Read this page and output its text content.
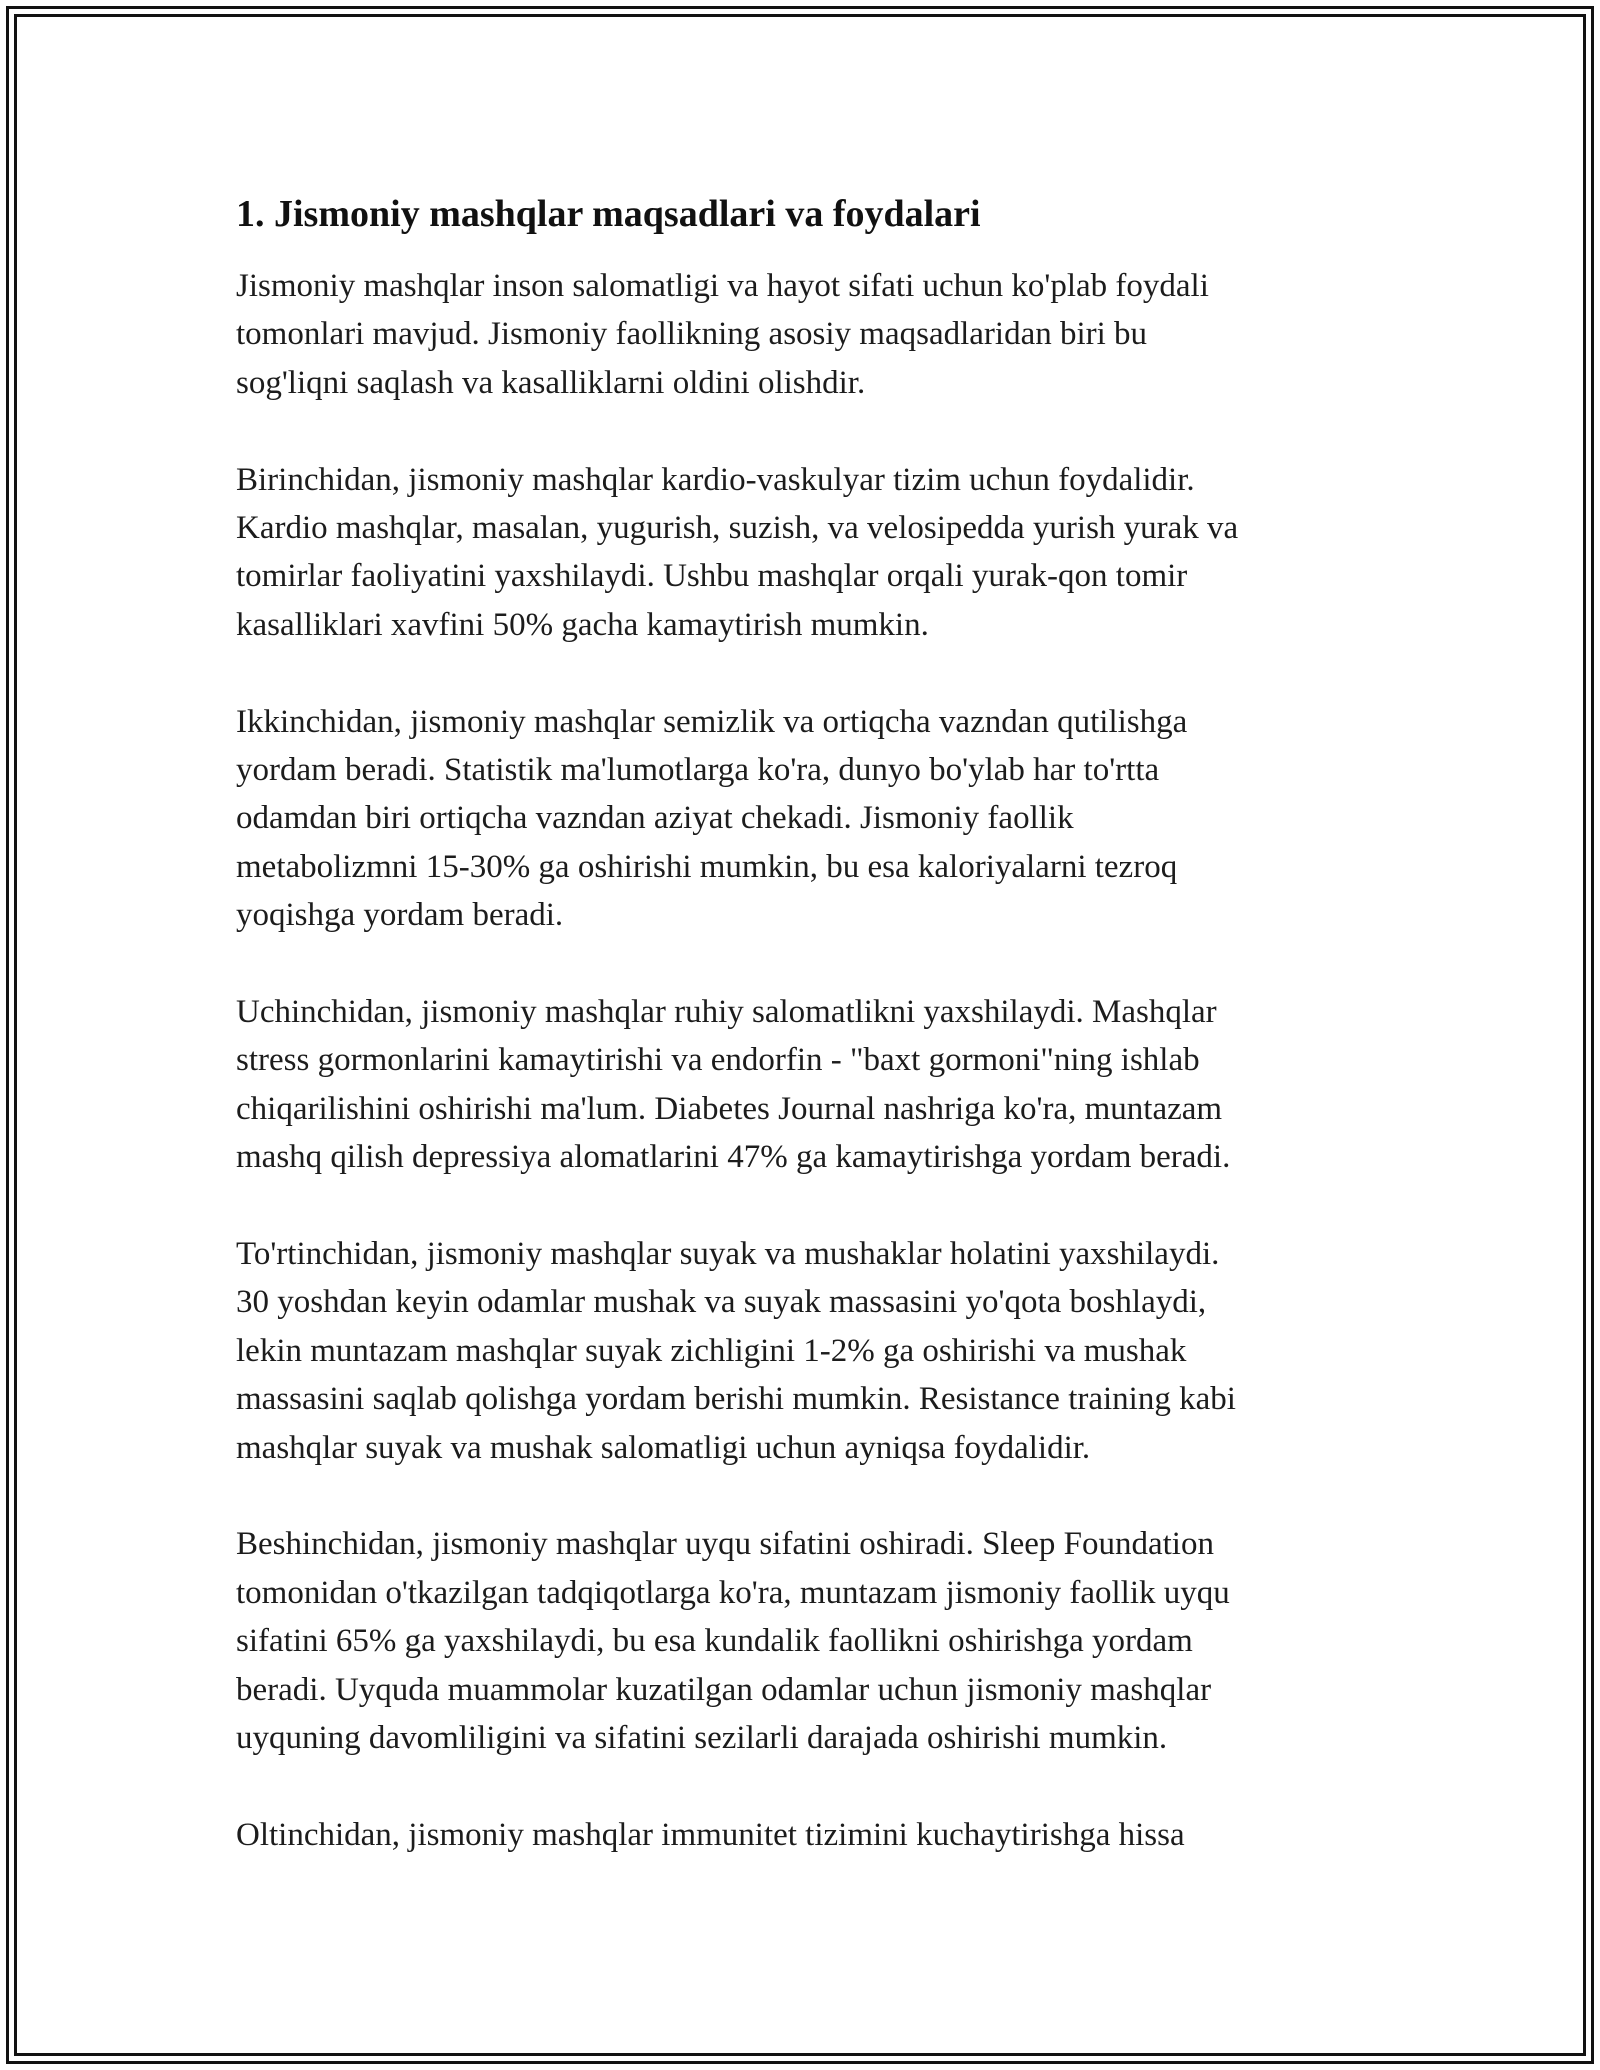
1. Jismoniy mashqlar maqsadlari va foydalari

Jismoniy mashqlar inson salomatligi va hayot sifati uchun ko'plab foydali
tomonlari mavjud. Jismoniy faollikning asosiy maqsadlaridan biri bu
sog'liqni saqlash va kasalliklarni oldini olishdir.

Birinchidan, jismoniy mashqlar kardio-vaskulyar tizim uchun foydalidir.
Kardio mashqlar, masalan, yugurish, suzish, va velosipedda yurish yurak va
tomirlar faoliyatini yaxshilaydi. Ushbu mashqlar orqali yurak-qon tomir
kasalliklari xavfini 50% gacha kamaytirish mumkin.

Ikkinchidan, jismoniy mashqlar semizlik va ortiqcha vazndan qutilishga
yordam beradi. Statistik ma'lumotlarga ko'ra, dunyo bo'ylab har to'rtta
odamdan biri ortiqcha vazndan aziyat chekadi. Jismoniy faollik
metabolizmni 15-30% ga oshirishi mumkin, bu esa kaloriyalarni tezroq
yoqishga yordam beradi.

Uchinchidan, jismoniy mashqlar ruhiy salomatlikni yaxshilaydi. Mashqlar
stress gormonlarini kamaytirishi va endorfin - "baxt gormoni"ning ishlab
chiqarilishini oshirishi ma'lum. Diabetes Journal nashriga ko'ra, muntazam
mashq qilish depressiya alomatlarini 47% ga kamaytirishga yordam beradi.

To'rtinchidan, jismoniy mashqlar suyak va mushaklar holatini yaxshilaydi.
30 yoshdan keyin odamlar mushak va suyak massasini yo'qota boshlaydi,
lekin muntazam mashqlar suyak zichligini 1-2% ga oshirishi va mushak
massasini saqlab qolishga yordam berishi mumkin. Resistance training kabi
mashqlar suyak va mushak salomatligi uchun ayniqsa foydalidir.

Beshinchidan, jismoniy mashqlar uyqu sifatini oshiradi. Sleep Foundation
tomonidan o'tkazilgan tadqiqotlarga ko'ra, muntazam jismoniy faollik uyqu
sifatini 65% ga yaxshilaydi, bu esa kundalik faollikni oshirishga yordam
beradi. Uyquda muammolar kuzatilgan odamlar uchun jismoniy mashqlar
uyquning davomliligini va sifatini sezilarli darajada oshirishi mumkin.

Oltinchidan, jismoniy mashqlar immunitet tizimini kuchaytirishga hissa
